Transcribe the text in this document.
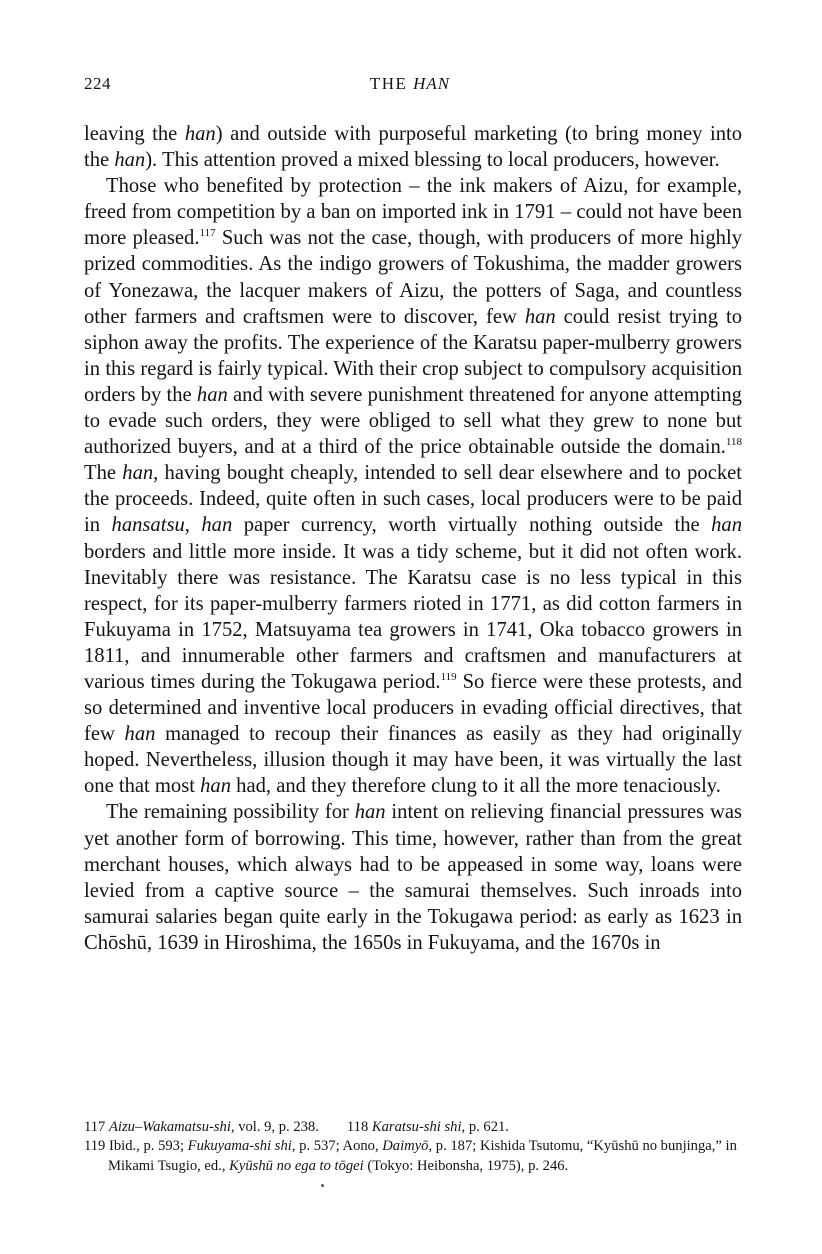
224	THE HAN

leaving the han) and outside with purposeful marketing (to bring money into the han). This attention proved a mixed blessing to local producers, however.

Those who benefited by protection – the ink makers of Aizu, for example, freed from competition by a ban on imported ink in 1791 – could not have been more pleased.$^{117}$ Such was not the case, though, with producers of more highly prized commodities. As the indigo growers of Tokushima, the madder growers of Yonezawa, the lacquer makers of Aizu, the potters of Saga, and countless other farmers and craftsmen were to discover, few han could resist trying to siphon away the profits. The experience of the Karatsu paper-mulberry growers in this regard is fairly typical. With their crop subject to compulsory acquisition orders by the han and with severe punishment threatened for anyone attempting to evade such orders, they were obliged to sell what they grew to none but authorized buyers, and at a third of the price obtainable outside the domain.$^{118}$ The han, having bought cheaply, intended to sell dear elsewhere and to pocket the proceeds. Indeed, quite often in such cases, local producers were to be paid in hansatsu, han paper currency, worth virtually nothing outside the han borders and little more inside. It was a tidy scheme, but it did not often work. Inevitably there was resistance. The Karatsu case is no less typical in this respect, for its paper-mulberry farmers rioted in 1771, as did cotton farmers in Fukuyama in 1752, Matsuyama tea growers in 1741, Oka tobacco growers in 1811, and innumerable other farmers and craftsmen and manufacturers at various times during the Tokugawa period.$^{119}$ So fierce were these protests, and so determined and inventive local producers in evading official directives, that few han managed to recoup their finances as easily as they had originally hoped. Nevertheless, illusion though it may have been, it was virtually the last one that most han had, and they therefore clung to it all the more tenaciously.

The remaining possibility for han intent on relieving financial pressures was yet another form of borrowing. This time, however, rather than from the great merchant houses, which always had to be appeased in some way, loans were levied from a captive source – the samurai themselves. Such inroads into samurai salaries began quite early in the Tokugawa period: as early as 1623 in Chōshū, 1639 in Hiroshima, the 1650s in Fukuyama, and the 1670s in

117 Aizu–Wakamatsu-shi, vol. 9, p. 238. 118 Karatsu-shi shi, p. 621.
119 Ibid., p. 593; Fukuyama-shi shi, p. 537; Aono, Daimyō, p. 187; Kishida Tsutomu, “Kyūshū no bunjinga,” in Mikami Tsugio, ed., Kyūshū no ega to tōgei (Tokyo: Heibonsha, 1975), p. 246.
